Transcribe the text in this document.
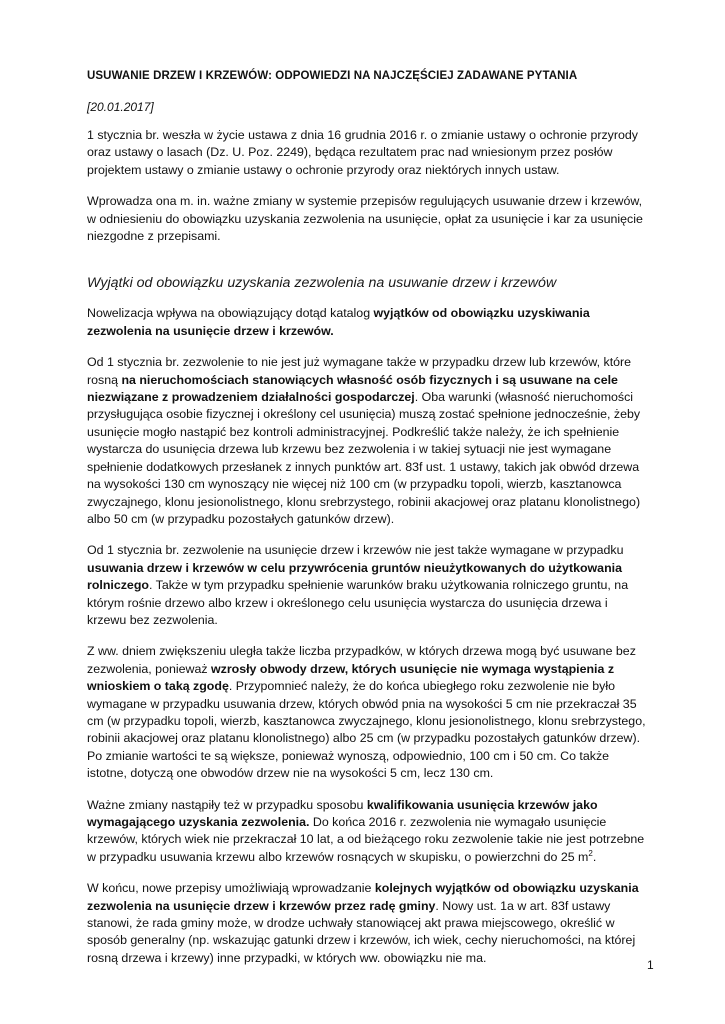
USUWANIE DRZEW I KRZEWÓW: ODPOWIEDZI NA NAJCZĘŚCIEJ ZADAWANE PYTANIA
[20.01.2017]

1 stycznia br. weszła w życie ustawa z dnia 16 grudnia 2016 r. o zmianie ustawy o ochronie przyrody oraz ustawy o lasach (Dz. U. Poz. 2249), będąca rezultatem prac nad wniesionym przez posłów projektem ustawy o zmianie ustawy o ochronie przyrody oraz niektórych innych ustaw.

Wprowadza ona m. in. ważne zmiany w systemie przepisów regulujących usuwanie drzew i krzewów, w odniesieniu do obowiązku uzyskania zezwolenia na usunięcie, opłat za usunięcie i kar za usunięcie niezgodne z przepisami.

Wyjątki od obowiązku uzyskania zezwolenia na usuwanie drzew i krzewów

Nowelizacja wpływa na obowiązujący dotąd katalog wyjątków od obowiązku uzyskiwania zezwolenia na usunięcie drzew i krzewów.

Od 1 stycznia br. zezwolenie to nie jest już wymagane także w przypadku drzew lub krzewów, które rosną na nieruchomościach stanowiących własność osób fizycznych i są usuwane na cele niezwiązane z prowadzeniem działalności gospodarczej. Oba warunki (własność nieruchomości przysługująca osobie fizycznej i określony cel usunięcia) muszą zostać spełnione jednocześnie, żeby usunięcie mogło nastąpić bez kontroli administracyjnej. Podkreślić także należy, że ich spełnienie wystarcza do usunięcia drzewa lub krzewu bez zezwolenia i w takiej sytuacji nie jest wymagane spełnienie dodatkowych przesłanek z innych punktów art. 83f ust. 1 ustawy, takich jak obwód drzewa na wysokości 130 cm wynoszący nie więcej niż 100 cm (w przypadku topoli, wierzb, kasztanowca zwyczajnego, klonu jesionolistnego, klonu srebrzystego, robinii akacjowej oraz platanu klonolistnego) albo 50 cm (w przypadku pozostałych gatunków drzew).

Od 1 stycznia br. zezwolenie na usunięcie drzew i krzewów nie jest także wymagane w przypadku usuwania drzew i krzewów w celu przywrócenia gruntów nieużytkowanych do użytkowania rolniczego. Także w tym przypadku spełnienie warunków braku użytkowania rolniczego gruntu, na którym rośnie drzewo albo krzew i określonego celu usunięcia wystarcza do usunięcia drzewa i krzewu bez zezwolenia.

Z ww. dniem zwiększeniu uległa także liczba przypadków, w których drzewa mogą być usuwane bez zezwolenia, ponieważ wzrosły obwody drzew, których usunięcie nie wymaga wystąpienia z wnioskiem o taką zgodę. Przypomnieć należy, że do końca ubiegłego roku zezwolenie nie było wymagane w przypadku usuwania drzew, których obwód pnia na wysokości 5 cm nie przekraczał 35 cm (w przypadku topoli, wierzb, kasztanowca zwyczajnego, klonu jesionolistnego, klonu srebrzystego, robinii akacjowej oraz platanu klonolistnego) albo 25 cm (w przypadku pozostałych gatunków drzew). Po zmianie wartości te są większe, ponieważ wynoszą, odpowiednio, 100 cm i 50 cm. Co także istotne, dotyczą one obwodów drzew nie na wysokości 5 cm, lecz 130 cm.

Ważne zmiany nastąpiły też w przypadku sposobu kwalifikowania usunięcia krzewów jako wymagającego uzyskania zezwolenia. Do końca 2016 r. zezwolenia nie wymagało usunięcie krzewów, których wiek nie przekraczał 10 lat, a od bieżącego roku zezwolenie takie nie jest potrzebne w przypadku usuwania krzewu albo krzewów rosnących w skupisku, o powierzchni do 25 $m^2$.

W końcu, nowe przepisy umożliwiają wprowadzanie kolejnych wyjątków od obowiązku uzyskania zezwolenia na usunięcie drzew i krzewów przez radę gminy. Nowy ust. 1a w art. 83f ustawy stanowi, że rada gminy może, w drodze uchwały stanowiącej akt prawa miejscowego, określić w sposób generalny (np. wskazując gatunki drzew i krzewów, ich wiek, cechy nieruchomości, na której rosną drzewa i krzewy) inne przypadki, w których ww. obowiązku nie ma.

1
